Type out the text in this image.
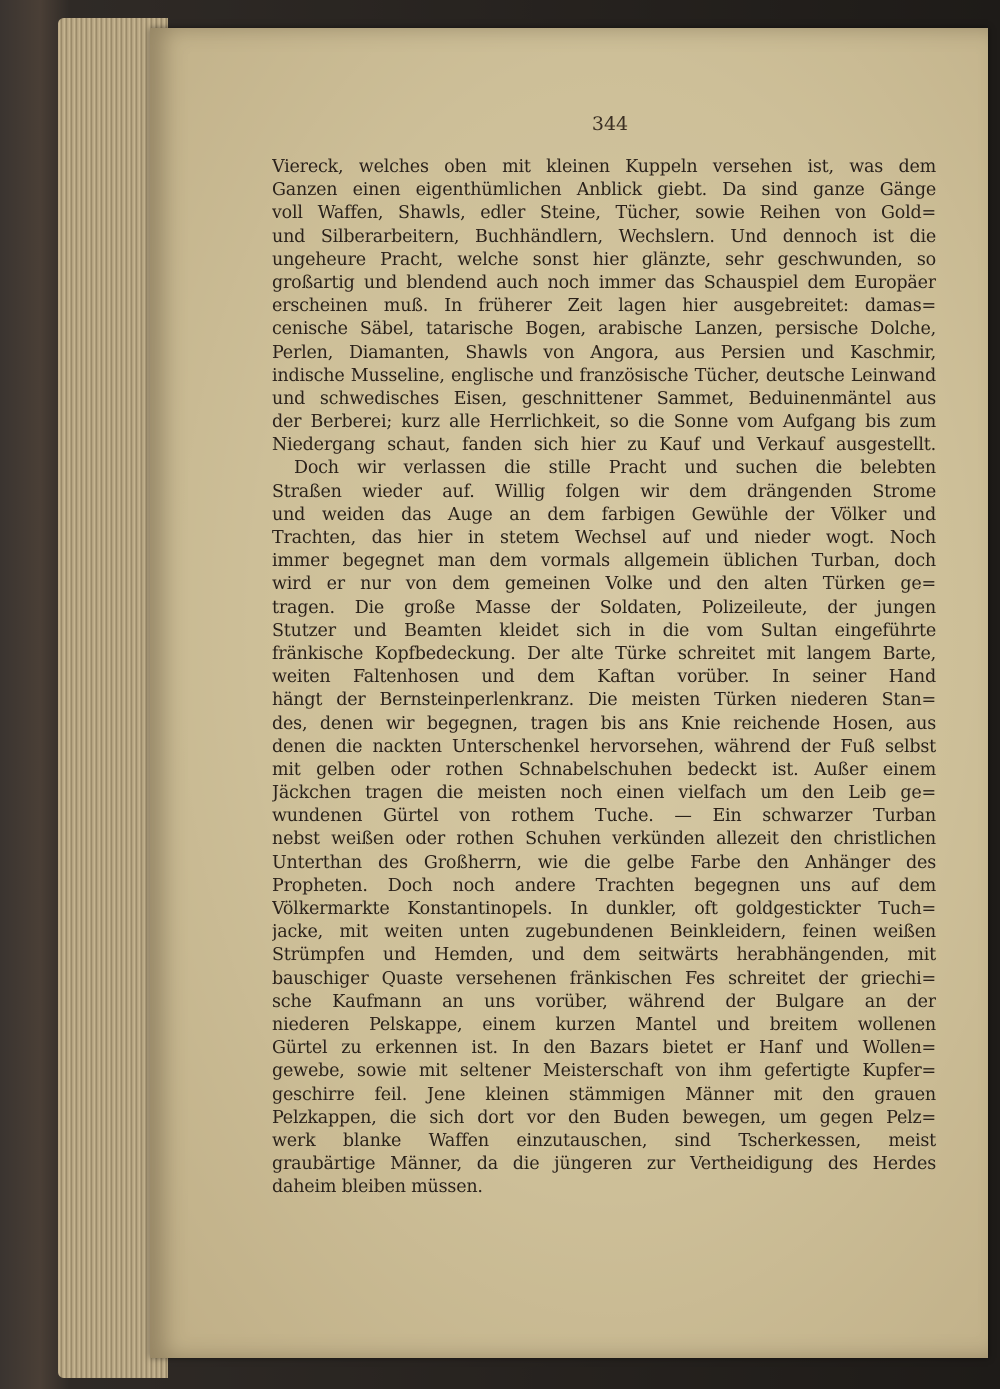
344
Viereck, welches oben mit kleinen Kuppeln versehen ist, was dem
Ganzen einen eigenthümlichen Anblick giebt. Da sind ganze Gänge
voll Waffen, Shawls, edler Steine, Tücher, sowie Reihen von Gold=
und Silberarbeitern, Buchhändlern, Wechslern. Und dennoch ist die
ungeheure Pracht, welche sonst hier glänzte, sehr geschwunden, so
großartig und blendend auch noch immer das Schauspiel dem Europäer
erscheinen muß. In früherer Zeit lagen hier ausgebreitet: damas=
cenische Säbel, tatarische Bogen, arabische Lanzen, persische Dolche,
Perlen, Diamanten, Shawls von Angora, aus Persien und Kaschmir,
indische Musseline, englische und französische Tücher, deutsche Leinwand
und schwedisches Eisen, geschnittener Sammet, Beduinenmäntel aus
der Berberei; kurz alle Herrlichkeit, so die Sonne vom Aufgang bis zum
Niedergang schaut, fanden sich hier zu Kauf und Verkauf ausgestellt.
Doch wir verlassen die stille Pracht und suchen die belebten
Straßen wieder auf. Willig folgen wir dem drängenden Strome
und weiden das Auge an dem farbigen Gewühle der Völker und
Trachten, das hier in stetem Wechsel auf und nieder wogt. Noch
immer begegnet man dem vormals allgemein üblichen Turban, doch
wird er nur von dem gemeinen Volke und den alten Türken ge=
tragen. Die große Masse der Soldaten, Polizeileute, der jungen
Stutzer und Beamten kleidet sich in die vom Sultan eingeführte
fränkische Kopfbedeckung. Der alte Türke schreitet mit langem Barte,
weiten Faltenhosen und dem Kaftan vorüber. In seiner Hand
hängt der Bernsteinperlenkranz. Die meisten Türken niederen Stan=
des, denen wir begegnen, tragen bis ans Knie reichende Hosen, aus
denen die nackten Unterschenkel hervorsehen, während der Fuß selbst
mit gelben oder rothen Schnabelschuhen bedeckt ist. Außer einem
Jäckchen tragen die meisten noch einen vielfach um den Leib ge=
wundenen Gürtel von rothem Tuche. — Ein schwarzer Turban
nebst weißen oder rothen Schuhen verkünden allezeit den christlichen
Unterthan des Großherrn, wie die gelbe Farbe den Anhänger des
Propheten. Doch noch andere Trachten begegnen uns auf dem
Völkermarkte Konstantinopels. In dunkler, oft goldgestickter Tuch=
jacke, mit weiten unten zugebundenen Beinkleidern, feinen weißen
Strümpfen und Hemden, und dem seitwärts herabhängenden, mit
bauschiger Quaste versehenen fränkischen Fes schreitet der griechi=
sche Kaufmann an uns vorüber, während der Bulgare an der
niederen Pelskappe, einem kurzen Mantel und breitem wollenen
Gürtel zu erkennen ist. In den Bazars bietet er Hanf und Wollen=
gewebe, sowie mit seltener Meisterschaft von ihm gefertigte Kupfer=
geschirre feil. Jene kleinen stämmigen Männer mit den grauen
Pelzkappen, die sich dort vor den Buden bewegen, um gegen Pelz=
werk blanke Waffen einzutauschen, sind Tscherkessen, meist
graubärtige Männer, da die jüngeren zur Vertheidigung des Herdes
daheim bleiben müssen.
